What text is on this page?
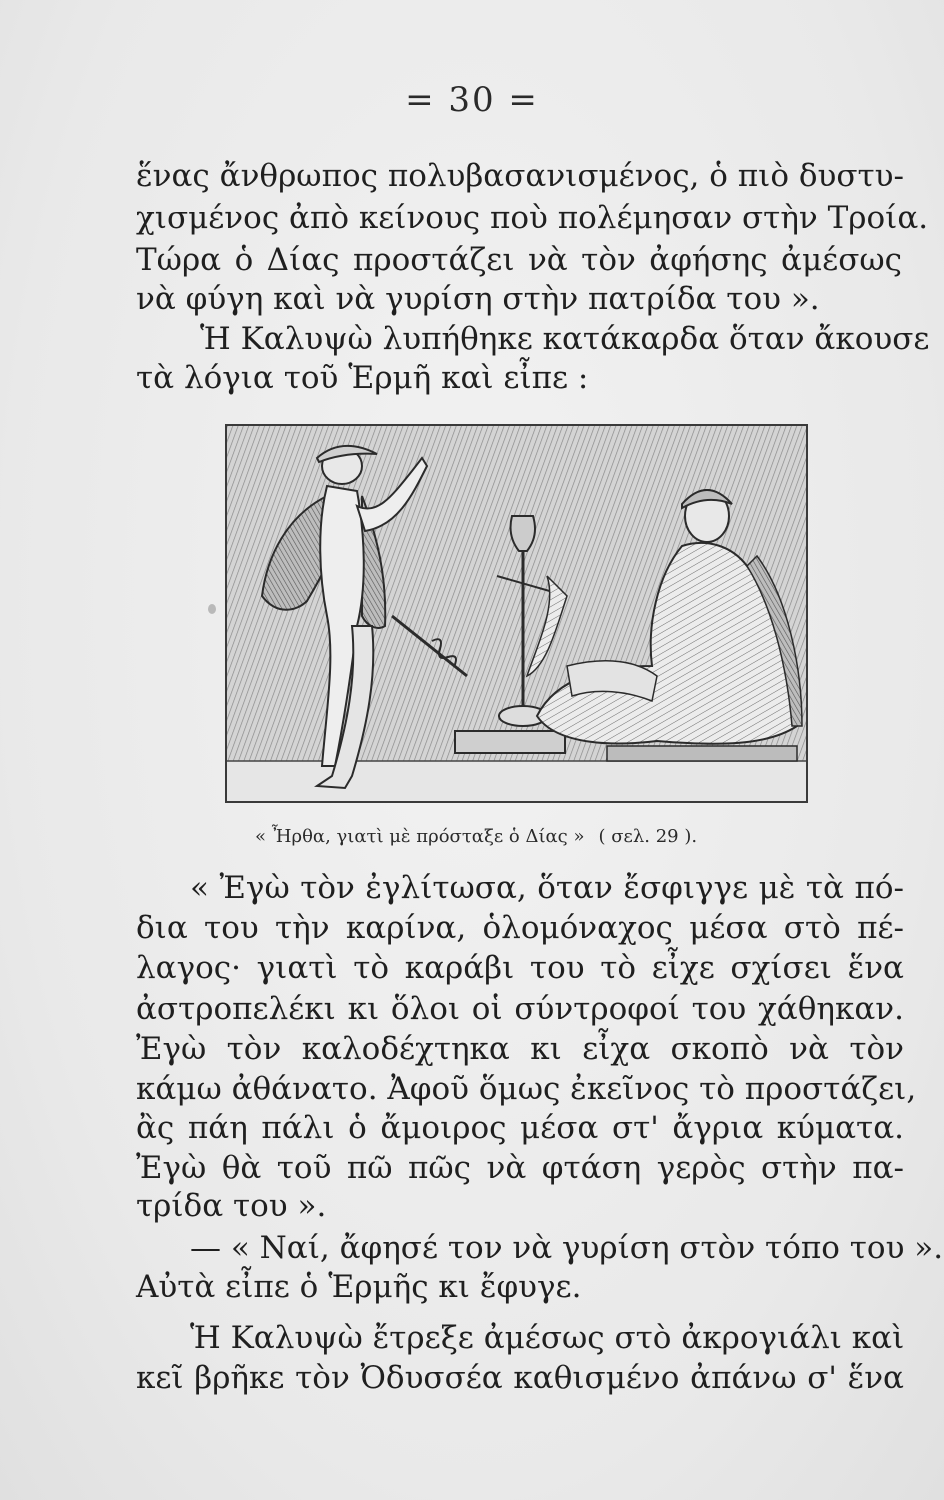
= 30 =
ἕνας ἄνθρωπος πολυβασανισμένος, ὁ πιὸ δυστυ-
χισμένος ἀπὸ κείνους ποὺ πολέμησαν στὴν Τροία.
Τώρα ὁ Δίας προστάζει νὰ τὸν ἀφήσης ἀμέσως
νὰ φύγη καὶ νὰ γυρίση στὴν πατρίδα του ».
Ἡ Καλυψὼ λυπήθηκε κατάκαρδα ὅταν ἄκουσε
τὰ λόγια τοῦ Ἑρμῆ καὶ εἶπε :
« Ἦρθα, γιατὶ μὲ πρόσταξε ὁ Δίας » ( σελ. 29 ).
« Ἐγὼ τὸν ἐγλίτωσα, ὅταν ἔσφιγγε μὲ τὰ πό-
δια του τὴν καρίνα, ὁλομόναχος μέσα στὸ πέ-
λαγος· γιατὶ τὸ καράβι του τὸ εἶχε σχίσει ἕνα
ἀστροπελέκι κι ὅλοι οἱ σύντροφοί του χάθηκαν.
Ἐγὼ τὸν καλοδέχτηκα κι εἶχα σκοπὸ νὰ τὸν
κάμω ἀθάνατο. Ἀφοῦ ὅμως ἐκεῖνος τὸ προστάζει,
ἂς πάη πάλι ὁ ἄμοιρος μέσα στ' ἄγρια κύματα.
Ἐγὼ θὰ τοῦ πῶ πῶς νὰ φτάση γερὸς στὴν πα-
τρίδα του ».
— « Ναί, ἄφησέ τον νὰ γυρίση στὸν τόπο του ».
Αὐτὰ εἶπε ὁ Ἑρμῆς κι ἔφυγε.
Ἡ Καλυψὼ ἔτρεξε ἀμέσως στὸ ἀκρογιάλι καὶ
κεῖ βρῆκε τὸν Ὀδυσσέα καθισμένο ἀπάνω σ' ἕνα
